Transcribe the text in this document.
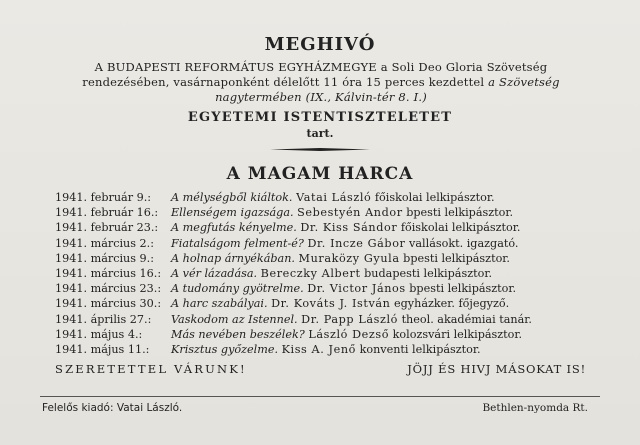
MEGHIVÓ
A BUDAPESTI REFORMÁTUS EGYHÁZMEGYE a Soli Deo Gloria Szövetség rendezésében, vasárnaponként délelőtt 11 óra 15 perces kezdettel a Szövetség nagytermében (IX., Kálvin-tér 8. I.)
EGYETEMI ISTENTISZTELETET
tart.
A MAGAM HARCA
1941. február 9.: A mélységből kiáltok. Vatai László főiskolai lelkipásztor.
1941. február 16.: Ellenségem igazsága. Sebestyén Andor bpesti lelkipásztor.
1941. február 23.: A megfutás kényelme. Dr. Kiss Sándor főiskolai lelkipásztor.
1941. március 2.: Fiatalságom felment-é? Dr. Incze Gábor vallásokt. igazgató.
1941. március 9.: A holnap árnyékában. Muraközy Gyula bpesti lelkipásztor.
1941. március 16.: A vér lázadása. Bereczky Albert budapesti lelkipásztor.
1941. március 23.: A tudomány gyötrelme. Dr. Victor János bpesti lelkipásztor.
1941. március 30.: A harc szabályai. Dr. Kováts J. István egyházker. főjegyző.
1941. április 27.: Vaskodom az Istennel. Dr. Papp László theol. akadémiai tanár.
1941. május 4.:	Más nevében beszélek? László Dezső kolozsvári lelkipásztor.
1941. május 11.: Krisztus győzelme. Kiss A. Jenő konventi lelkipásztor.
SZERETETTEL VÁRUNK!	JÖJJ ÉS HIVJ MÁSOKAT IS!
Felelős kiadó: Vatai László.	Bethlen-nyomda Rt.
